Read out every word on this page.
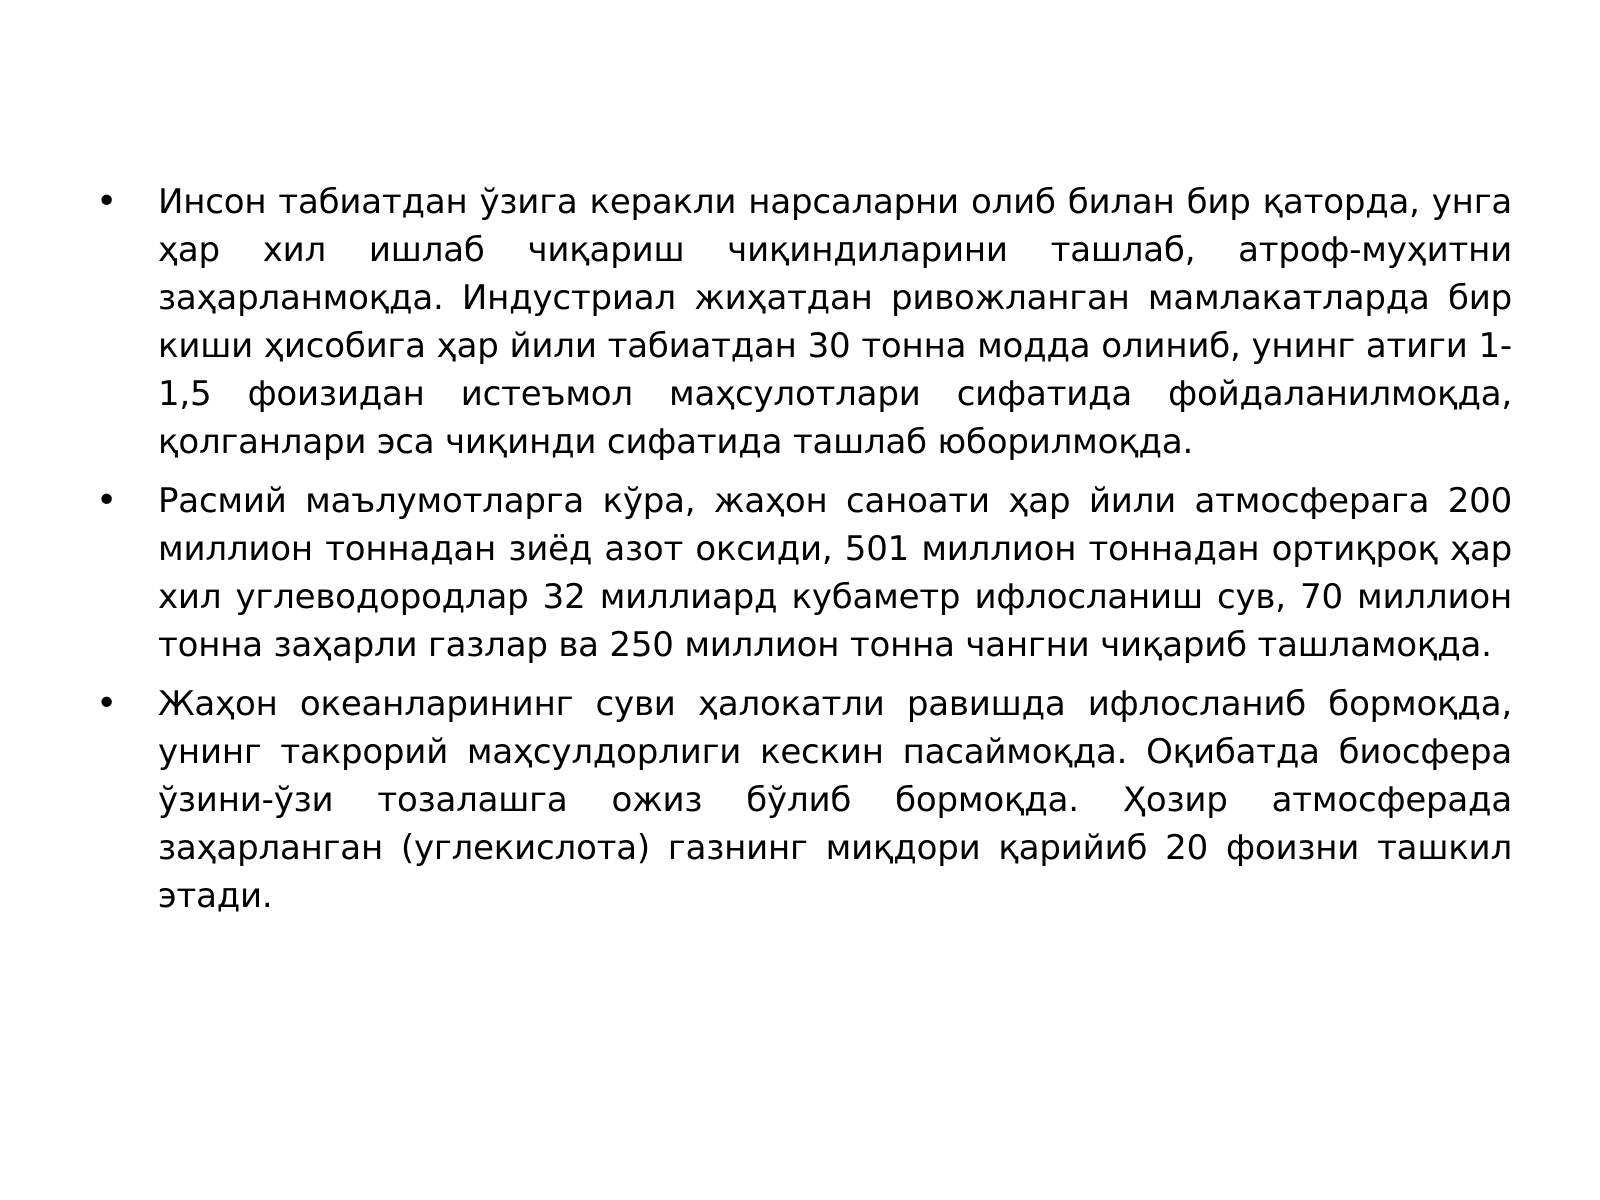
• Инсон табиатдан ўзига керакли нарсаларни олиб билан бир қаторда, унга ҳар хил ишлаб чиқариш чиқиндиларини ташлаб, атроф-муҳитни заҳарланмоқда. Индустриал жиҳатдан ривожланган мамлакатларда бир киши ҳисобига ҳар йили табиатдан 30 тонна модда олиниб, унинг атиги 1-1,5 фоизидан истеъмол маҳсулотлари сифатида фойдаланилмоқда, қолганлари эса чиқинди сифатида ташлаб юборилмоқда.
• Расмий маълумотларга кўра, жаҳон саноати ҳар йили атмосферага 200 миллион тоннадан зиёд азот оксиди, 501 миллион тоннадан ортиқроқ ҳар хил углеводородлар 32 миллиард кубаметр ифлосланиш сув, 70 миллион тонна заҳарли газлар ва 250 миллион тонна чангни чиқариб ташламоқда.
• Жаҳон океанларининг суви ҳалокатли равишда ифлосланиб бормоқда, унинг такрорий маҳсулдорлиги кескин пасаймоқда. Оқибатда биосфера ўзини-ўзи тозалашга ожиз бўлиб бормоқда. Ҳозир атмосферада заҳарланган (углекислота) газнинг миқдори қарийиб 20 фоизни ташкил этади.
